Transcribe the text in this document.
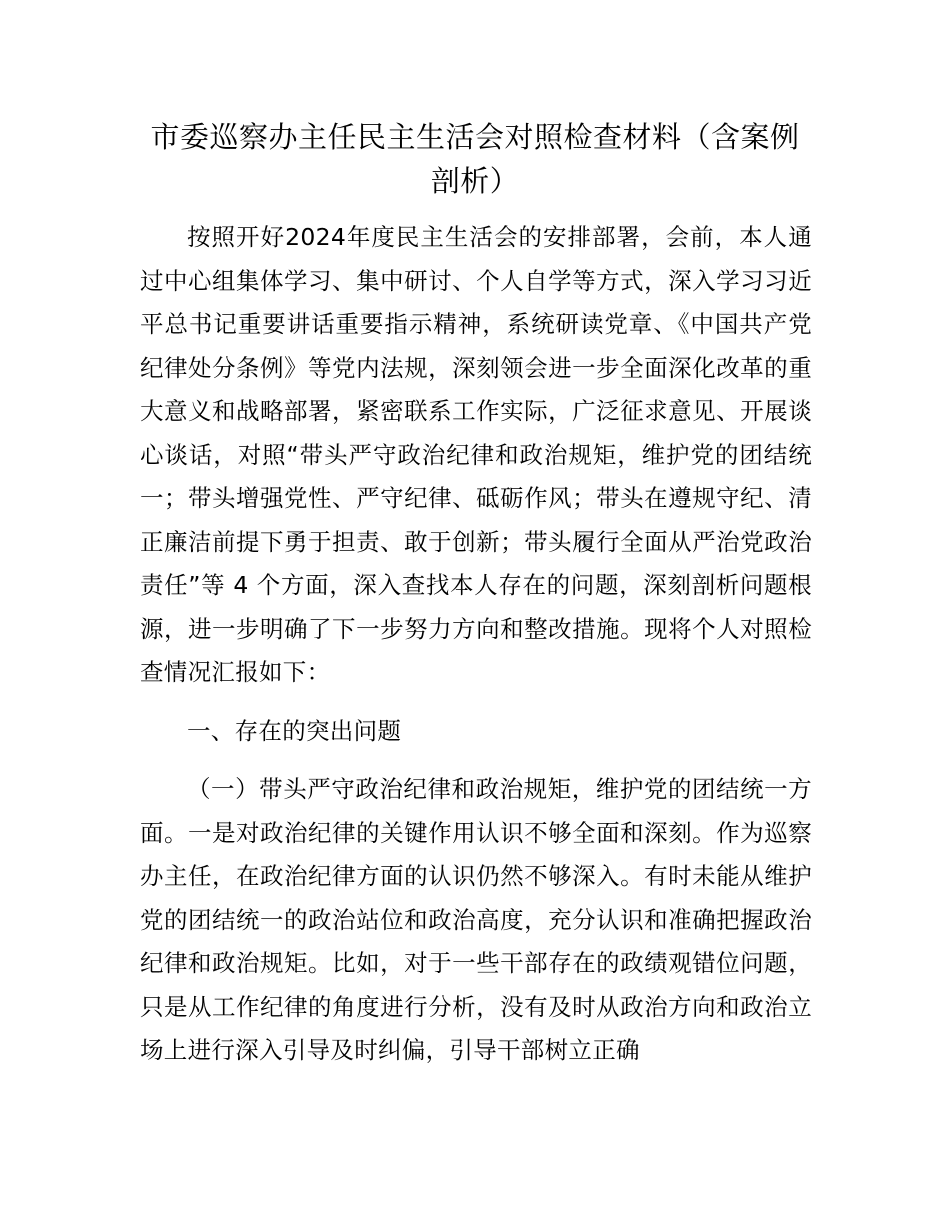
市委巡察办主任民主生活会对照检查材料（含案例剖析）

按照开好2024年度民主生活会的安排部署，会前，本人通过中心组集体学习、集中研讨、个人自学等方式，深入学习习近平总书记重要讲话重要指示精神，系统研读党章、《中国共产党纪律处分条例》等党内法规，深刻领会进一步全面深化改革的重大意义和战略部署，紧密联系工作实际，广泛征求意见、开展谈心谈话，对照“带头严守政治纪律和政治规矩，维护党的团结统一；带头增强党性、严守纪律、砥砺作风；带头在遵规守纪、清正廉洁前提下勇于担责、敢于创新；带头履行全面从严治党政治责任”等 4 个方面，深入查找本人存在的问题，深刻剖析问题根源，进一步明确了下一步努力方向和整改措施。现将个人对照检查情况汇报如下：

一、存在的突出问题

（一）带头严守政治纪律和政治规矩，维护党的团结统一方面。一是对政治纪律的关键作用认识不够全面和深刻。作为巡察办主任，在政治纪律方面的认识仍然不够深入。有时未能从维护党的团结统一的政治站位和政治高度，充分认识和准确把握政治纪律和政治规矩。比如，对于一些干部存在的政绩观错位问题，只是从工作纪律的角度进行分析，没有及时从政治方向和政治立场上进行深入引导及时纠偏，引导干部树立正确
